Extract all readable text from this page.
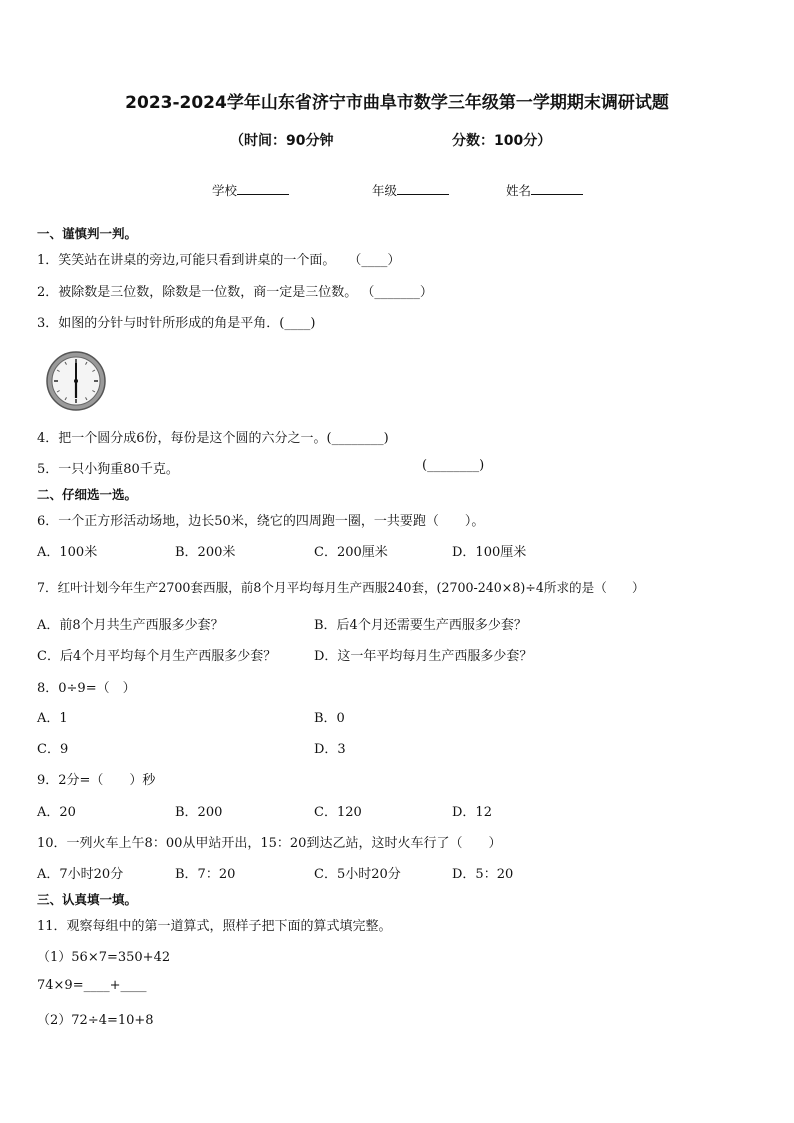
2023-2024学年山东省济宁市曲阜市数学三年级第一学期期末调研试题
（时间：90分钟	分数：100分）
学校	年级	姓名
一、谨慎判一判。
1．笑笑站在讲桌的旁边,可能只看到讲桌的一个面。　　（____）
2．被除数是三位数，除数是一位数，商一定是三位数。 （_______）
3．如图的分针与时针所形成的角是平角．(____)
4．把一个圆分成6份，每份是这个圆的六分之一。(________)
5．一只小狗重80千克。	(________)
二、仔细选一选。
6．一个正方形活动场地，边长50米，绕它的四周跑一圈，一共要跑（　　）。
A．100米	B．200米	C．200厘米	D．100厘米
7．红叶计划今年生产2700套西服，前8个月平均每月生产西服240套，(2700-240×8)÷4所求的是（　　）
A．前8个月共生产西服多少套？	B．后4个月还需要生产西服多少套？
C．后4个月平均每个月生产西服多少套？	D．这一年平均每月生产西服多少套？
8．0÷9=（　）
A．1	B．0
C．9	D．3
9．2分=（　　）秒
A．20	B．200	C．120	D．12
10．一列火车上午8：00从甲站开出，15：20到达乙站，这时火车行了（　　）
A．7小时20分	B．7：20	C．5小时20分	D．5：20
三、认真填一填。
11．观察每组中的第一道算式，照样子把下面的算式填完整。
（1）56×7=350+42
74×9=____+____
（2）72÷4=10+8
